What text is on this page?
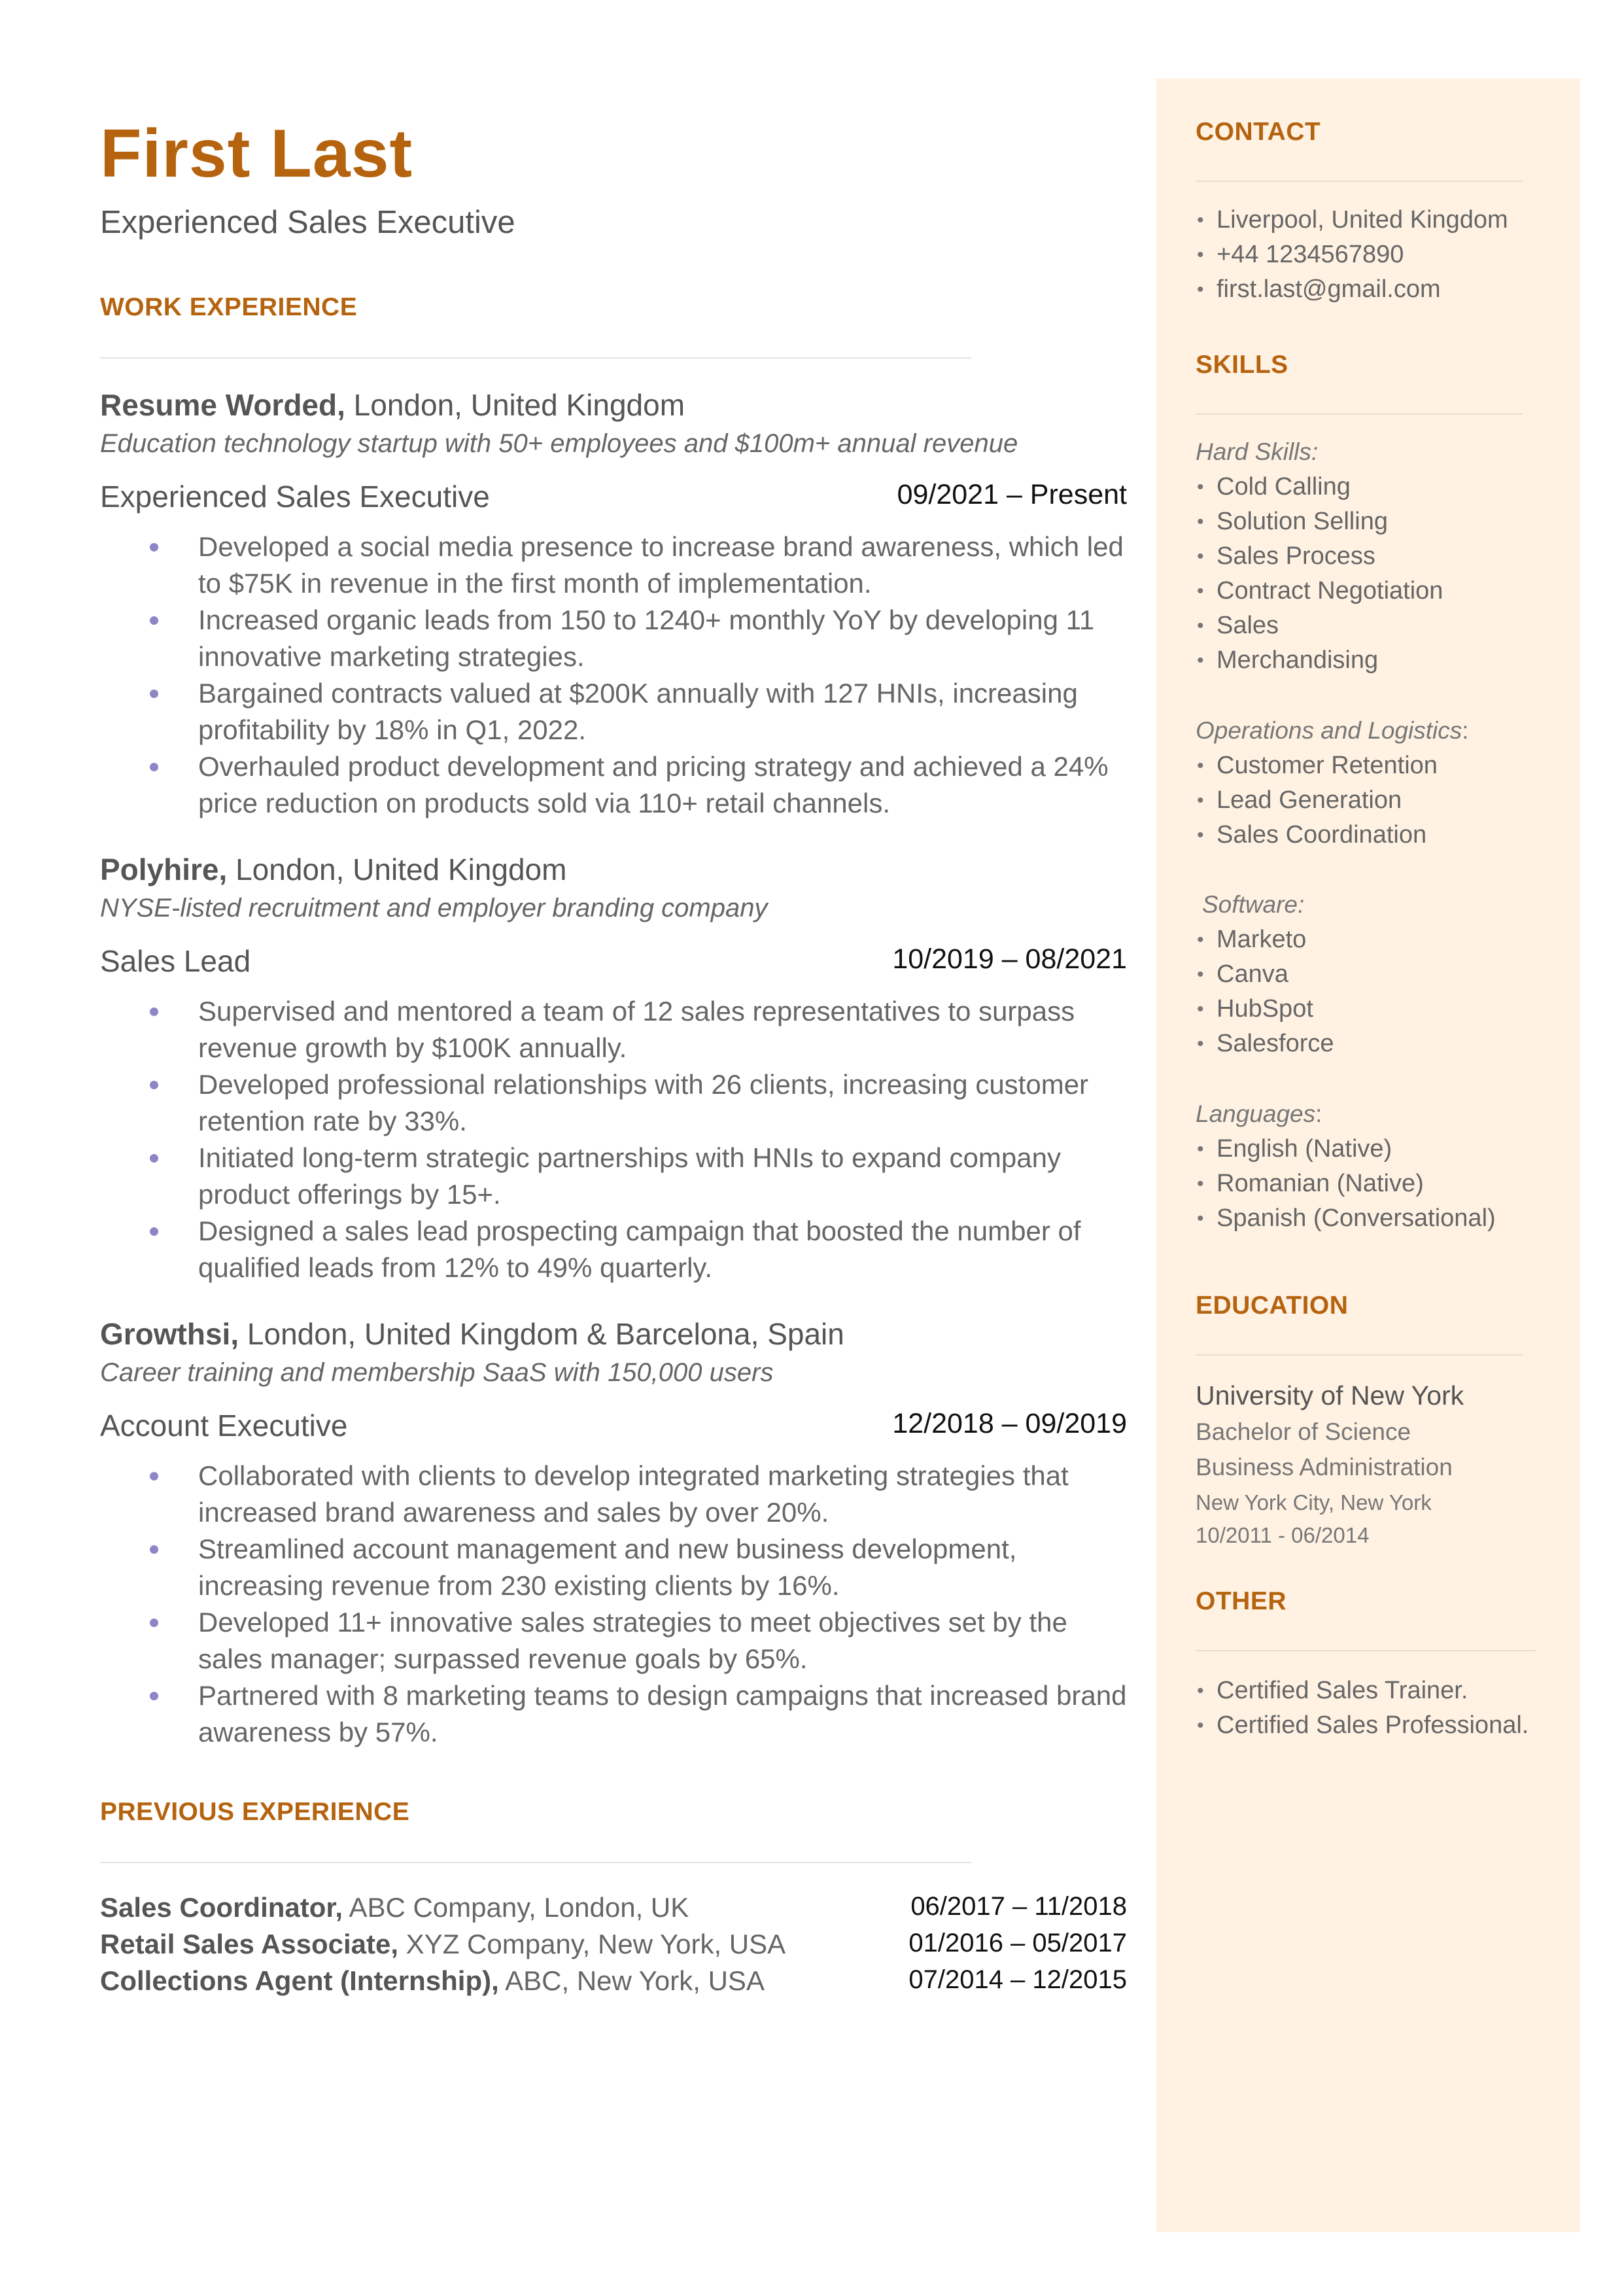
First Last
Experienced Sales Executive
WORK EXPERIENCE
Resume Worded, London, United Kingdom
Education technology startup with 50+ employees and $100m+ annual revenue
Experienced Sales Executive	09/2021 – Present
Developed a social media presence to increase brand awareness, which led to $75K in revenue in the first month of implementation.
Increased organic leads from 150 to 1240+ monthly YoY by developing 11 innovative marketing strategies.
Bargained contracts valued at $200K annually with 127 HNIs, increasing profitability by 18% in Q1, 2022.
Overhauled product development and pricing strategy and achieved a 24% price reduction on products sold via 110+ retail channels.
Polyhire, London, United Kingdom
NYSE-listed recruitment and employer branding company
Sales Lead	10/2019 – 08/2021
Supervised and mentored a team of 12 sales representatives to surpass revenue growth by $100K annually.
Developed professional relationships with 26 clients, increasing customer retention rate by 33%.
Initiated long-term strategic partnerships with HNIs to expand company product offerings by 15+.
Designed a sales lead prospecting campaign that boosted the number of qualified leads from 12% to 49% quarterly.
Growthsi, London, United Kingdom & Barcelona, Spain
Career training and membership SaaS with 150,000 users
Account Executive	12/2018 – 09/2019
Collaborated with clients to develop integrated marketing strategies that increased brand awareness and sales by over 20%.
Streamlined account management and new business development, increasing revenue from 230 existing clients by 16%.
Developed 11+ innovative sales strategies to meet objectives set by the sales manager; surpassed revenue goals by 65%.
Partnered with 8 marketing teams to design campaigns that increased brand awareness by 57%.
PREVIOUS EXPERIENCE
Sales Coordinator, ABC Company, London, UK	06/2017 – 11/2018
Retail Sales Associate, XYZ Company, New York, USA	01/2016 – 05/2017
Collections Agent (Internship), ABC, New York, USA	07/2014 – 12/2015
CONTACT
• Liverpool, United Kingdom
• +44 1234567890
• first.last@gmail.com
SKILLS
Hard Skills:
• Cold Calling
• Solution Selling
• Sales Process
• Contract Negotiation
• Sales
• Merchandising
Operations and Logistics:
• Customer Retention
• Lead Generation
• Sales Coordination
Software:
• Marketo
• Canva
• HubSpot
• Salesforce
Languages:
• English (Native)
• Romanian (Native)
• Spanish (Conversational)
EDUCATION
University of New York
Bachelor of Science
Business Administration
New York City, New York
10/2011 - 06/2014
OTHER
• Certified Sales Trainer.
• Certified Sales Professional.
